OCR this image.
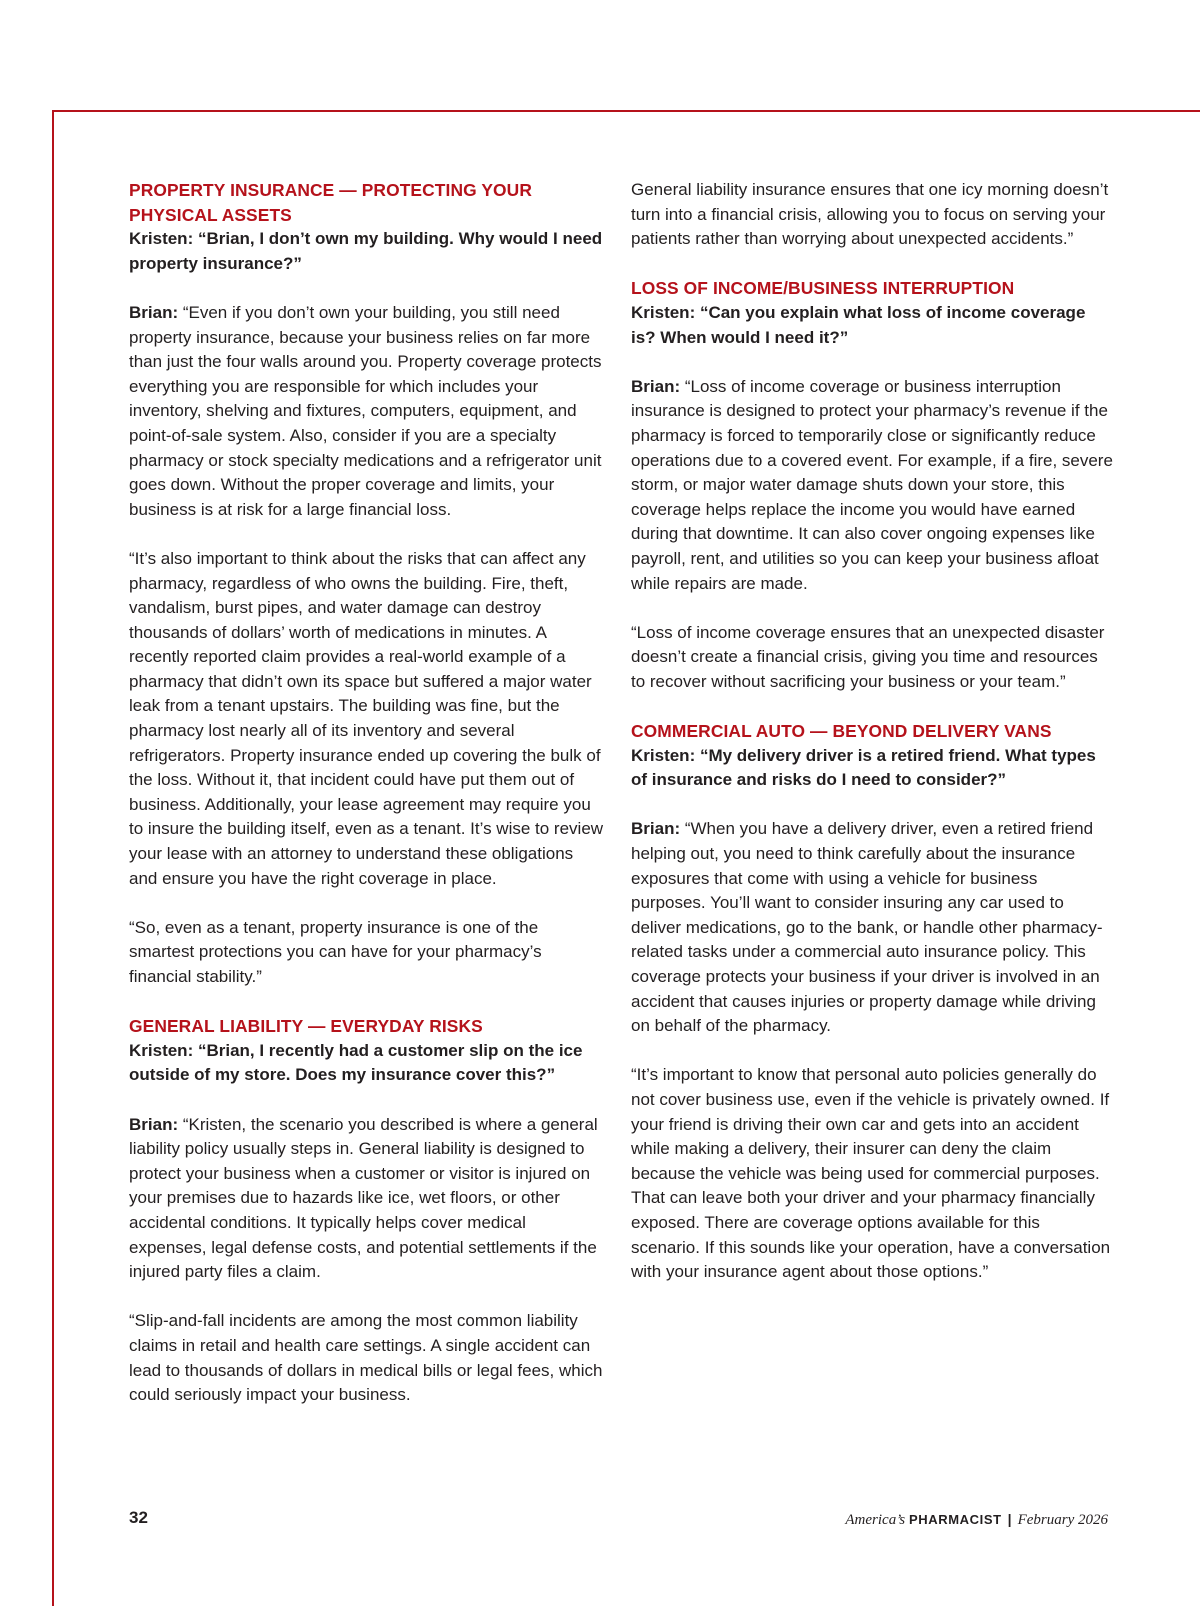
PROPERTY INSURANCE — PROTECTING YOUR PHYSICAL ASSETS

Kristen: “Brian, I don’t own my building. Why would I need property insurance?”

Brian: “Even if you don’t own your building, you still need property insurance, because your business relies on far more than just the four walls around you. Property coverage protects everything you are responsible for which includes your inventory, shelving and fixtures, computers, equipment, and point-of-sale system. Also, consider if you are a specialty pharmacy or stock specialty medications and a refrigerator unit goes down. Without the proper coverage and limits, your business is at risk for a large financial loss.

“It’s also important to think about the risks that can affect any pharmacy, regardless of who owns the building. Fire, theft, vandalism, burst pipes, and water damage can destroy thousands of dollars’ worth of medications in minutes. A recently reported claim provides a real-world example of a pharmacy that didn’t own its space but suffered a major water leak from a tenant upstairs. The building was fine, but the pharmacy lost nearly all of its inventory and several refrigerators. Property insurance ended up covering the bulk of the loss. Without it, that incident could have put them out of business. Additionally, your lease agreement may require you to insure the building itself, even as a tenant. It’s wise to review your lease with an attorney to understand these obligations and ensure you have the right coverage in place.

“So, even as a tenant, property insurance is one of the smartest protections you can have for your pharmacy’s financial stability.”

GENERAL LIABILITY — EVERYDAY RISKS

Kristen: “Brian, I recently had a customer slip on the ice outside of my store. Does my insurance cover this?”

Brian: “Kristen, the scenario you described is where a general liability policy usually steps in. General liability is designed to protect your business when a customer or visitor is injured on your premises due to hazards like ice, wet floors, or other accidental conditions. It typically helps cover medical expenses, legal defense costs, and potential settlements if the injured party files a claim.

“Slip-and-fall incidents are among the most common liability claims in retail and health care settings. A single accident can lead to thousands of dollars in medical bills or legal fees, which could seriously impact your business.

General liability insurance ensures that one icy morning doesn’t turn into a financial crisis, allowing you to focus on serving your patients rather than worrying about unexpected accidents.”

LOSS OF INCOME/BUSINESS INTERRUPTION

Kristen: “Can you explain what loss of income coverage is? When would I need it?”

Brian: “Loss of income coverage or business interruption insurance is designed to protect your pharmacy’s revenue if the pharmacy is forced to temporarily close or significantly reduce operations due to a covered event. For example, if a fire, severe storm, or major water damage shuts down your store, this coverage helps replace the income you would have earned during that downtime. It can also cover ongoing expenses like payroll, rent, and utilities so you can keep your business afloat while repairs are made.

“Loss of income coverage ensures that an unexpected disaster doesn’t create a financial crisis, giving you time and resources to recover without sacrificing your business or your team.”

COMMERCIAL AUTO — BEYOND DELIVERY VANS

Kristen: “My delivery driver is a retired friend. What types of insurance and risks do I need to consider?”

Brian: “When you have a delivery driver, even a retired friend helping out, you need to think carefully about the insurance exposures that come with using a vehicle for business purposes. You’ll want to consider insuring any car used to deliver medications, go to the bank, or handle other pharmacy-related tasks under a commercial auto insurance policy. This coverage protects your business if your driver is involved in an accident that causes injuries or property damage while driving on behalf of the pharmacy.

“It’s important to know that personal auto policies generally do not cover business use, even if the vehicle is privately owned. If your friend is driving their own car and gets into an accident while making a delivery, their insurer can deny the claim because the vehicle was being used for commercial purposes. That can leave both your driver and your pharmacy financially exposed. There are coverage options available for this scenario. If this sounds like your operation, have a conversation with your insurance agent about those options.”

32	America’s PHARMACIST | February 2026
